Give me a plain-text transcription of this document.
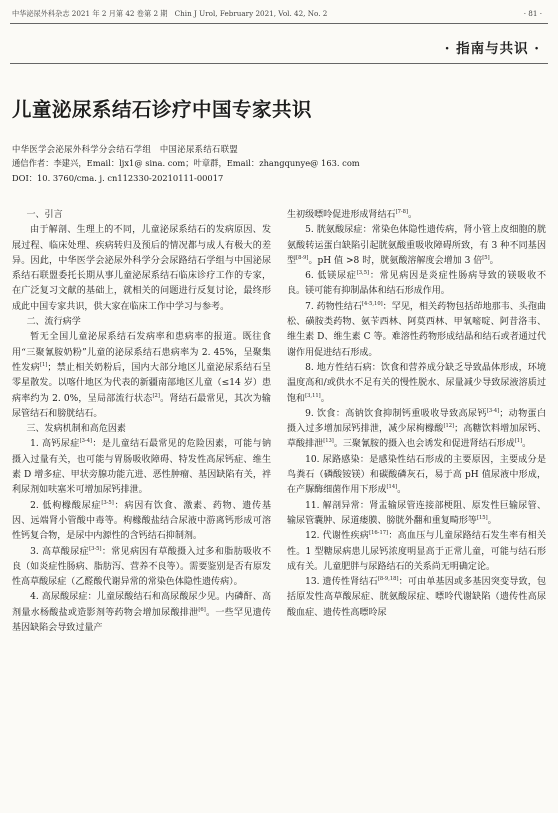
中华泌尿外科杂志 2021 年 2 月第 42 卷第 2 期　Chin J Urol, February 2021, Vol. 42, No. 2	· 81 ·
· 指南与共识 ·
儿童泌尿系结石诊疗中国专家共识
中华医学会泌尿外科学分会结石学组　中国泌尿系结石联盟
通信作者：李建兴，Email：ljx1@ sina. com；叶章群，Email：zhangqunye@ 163. com
DOI：10. 3760/cma. j. cn112330-20210111-00017

一、引言

由于解剖、生理上的不同，儿童泌尿系结石的发病原因、发展过程、临床处理、疾病转归及预后的情况都与成人有极大的差异。因此，中华医学会泌尿外科学分会尿路结石学组与中国泌尿系结石联盟委托长期从事儿童泌尿系结石临床诊疗工作的专家，在广泛复习文献的基础上，就相关的问题进行反复讨论，最终形成此中国专家共识，供大家在临床工作中学习与参考。

二、流行病学

暂无全国儿童泌尿系结石发病率和患病率的报道。既往食用“三聚氰胺奶粉”儿童的泌尿系结石患病率为 2. 45%，呈聚集性发病[1]；禁止相关奶粉后，国内大部分地区儿童泌尿系结石呈零星散发。以喀什地区为代表的新疆南部地区儿童（≤14 岁）患病率约为 2. 0%，呈局部流行状态[2]。肾结石最常见，其次为输尿管结石和膀胱结石。

三、发病机制和高危因素

1. 高钙尿症[3-4]：是儿童结石最常见的危险因素，可能与钠摄入过量有关，也可能与胃肠吸收障碍、特发性高尿钙症、维生素 D 增多症、甲状旁腺功能亢进、恶性肿瘤、基因缺陷有关，袢利尿剂如呋塞米可增加尿钙排泄。

2. 低枸橼酸尿症[3-5]：病因有饮食、激素、药物、遗传基因、远端肾小管酸中毒等。枸橼酸盐结合尿液中游离钙形成可溶性钙复合物，是尿中内源性的含钙结石抑制剂。

3. 高草酸尿症[3-5]：常见病因有草酸摄入过多和脂肪吸收不良（如炎症性肠病、脂肪泻、营养不良等）。需要鉴别是否有原发性高草酸尿症（乙醛酸代谢异常的常染色体隐性遗传病）。

4. 高尿酸尿症：儿童尿酸结石和高尿酸尿少见。内磷酐、高剂量水杨酸盐或造影剂等药物会增加尿酸排泄[6]。一些罕见遗传基因缺陷会导致过量产

生初级嘌呤促进形成肾结石[7-8]。

5. 胱氨酸尿症：常染色体隐性遗传病，肾小管上皮细胞的胱氨酸转运蛋白缺陷引起胱氨酸重吸收障碍所致，有 3 种不同基因型[8-9]。pH 值 >8 时，胱氨酸溶解度会增加 3 倍[5]。

6. 低镁尿症[3,5]：常见病因是炎症性肠病导致的镁吸收不良。镁可能有抑制晶体和结石形成作用。

7. 药物性结石[4-5,10]：罕见，相关药物包括茚地那韦、头孢曲松、磺胺类药物、氨苄西林、阿莫西林、甲氧嘧啶、阿昔洛韦、维生素 D、维生素 C 等。难溶性药物形成结晶和结石或者通过代谢作用促进结石形成。

8. 地方性结石病：饮食和营养成分缺乏导致晶体形成，环境温度高和/或供水不足有关的慢性脱水、尿量减少导致尿液溶质过饱和[3,11]。

9. 饮食：高钠饮食抑制钙重吸收导致高尿钙[3-4]；动物蛋白摄入过多增加尿钙排泄，减少尿枸橼酸[12]；高糖饮料增加尿钙、草酸排泄[13]。三聚氰胺的摄入也会诱发和促进肾结石形成[1]。

10. 尿路感染：是感染性结石形成的主要原因，主要成分是鸟粪石（磷酸铵镁）和碳酸磷灰石，易于高 pH 值尿液中形成，在产脲酶细菌作用下形成[14]。

11. 解剖异常：肾盂输尿管连接部梗阻、原发性巨输尿管、输尿管囊肿、尿道瘘膜、膀胱外翻和重复畸形等[15]。

12. 代谢性疾病[16-17]：高血压与儿童尿路结石发生率有相关性。1 型糖尿病患儿尿钙浓度明显高于正常儿童，可能与结石形成有关。儿童肥胖与尿路结石的关系尚无明确定论。

13. 遗传性肾结石[8-9,18]：可由单基因或多基因突变导致，包括原发性高草酸尿症、胱氨酸尿症、嘌呤代谢缺陷（遗传性高尿酸血症、遗传性高嘌呤尿
